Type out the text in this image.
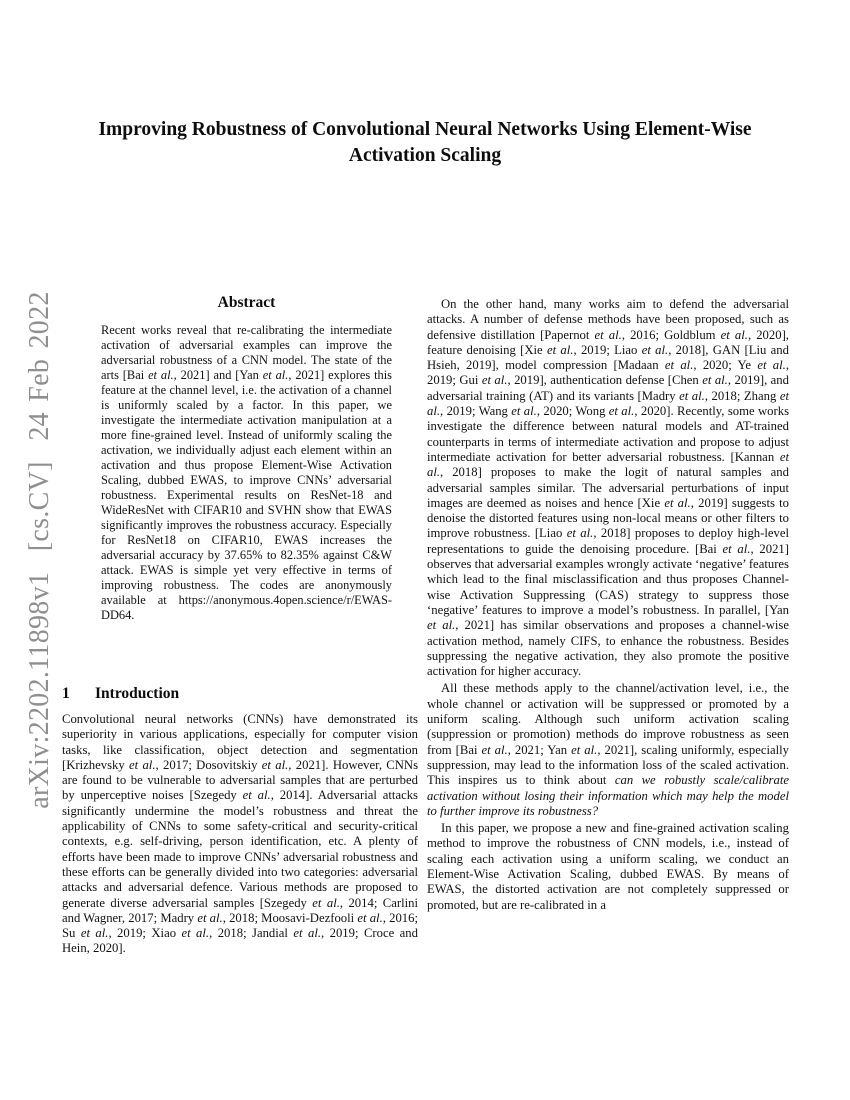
arXiv:2202.11898v1  [cs.CV]  24 Feb 2022
Improving Robustness of Convolutional Neural Networks Using Element-Wise
Activation Scaling
Abstract

Recent works reveal that re-calibrating the intermediate activation of adversarial examples can improve the adversarial robustness of a CNN model. The state of the arts [Bai et al., 2021] and [Yan et al., 2021] explores this feature at the channel level, i.e. the activation of a channel is uniformly scaled by a factor. In this paper, we investigate the intermediate activation manipulation at a more fine-grained level. Instead of uniformly scaling the activation, we individually adjust each element within an activation and thus propose Element-Wise Activation Scaling, dubbed EWAS, to improve CNNs’ adversarial robustness. Experimental results on ResNet-18 and WideResNet with CIFAR10 and SVHN show that EWAS significantly improves the robustness accuracy. Especially for ResNet18 on CIFAR10, EWAS increases the adversarial accuracy by 37.65% to 82.35% against C&W attack. EWAS is simple yet very effective in terms of improving robustness. The codes are anonymously available at https://anonymous.4open.science/r/EWAS-DD64.

1 Introduction

Convolutional neural networks (CNNs) have demonstrated its superiority in various applications, especially for computer vision tasks, like classification, object detection and segmentation [Krizhevsky et al., 2017; Dosovitskiy et al., 2021]. However, CNNs are found to be vulnerable to adversarial samples that are perturbed by unperceptive noises [Szegedy et al., 2014]. Adversarial attacks significantly undermine the model’s robustness and threat the applicability of CNNs to some safety-critical and security-critical contexts, e.g. self-driving, person identification, etc. A plenty of efforts have been made to improve CNNs’ adversarial robustness and these efforts can be generally divided into two categories: adversarial attacks and adversarial defence. Various methods are proposed to generate diverse adversarial samples [Szegedy et al., 2014; Carlini and Wagner, 2017; Madry et al., 2018; Moosavi-Dezfooli et al., 2016; Su et al., 2019; Xiao et al., 2018; Jandial et al., 2019; Croce and Hein, 2020].

On the other hand, many works aim to defend the adversarial attacks. A number of defense methods have been proposed, such as defensive distillation [Papernot et al., 2016; Goldblum et al., 2020], feature denoising [Xie et al., 2019; Liao et al., 2018], GAN [Liu and Hsieh, 2019], model compression [Madaan et al., 2020; Ye et al., 2019; Gui et al., 2019], authentication defense [Chen et al., 2019], and adversarial training (AT) and its variants [Madry et al., 2018; Zhang et al., 2019; Wang et al., 2020; Wong et al., 2020]. Recently, some works investigate the difference between natural models and AT-trained counterparts in terms of intermediate activation and propose to adjust intermediate activation for better adversarial robustness. [Kannan et al., 2018] proposes to make the logit of natural samples and adversarial samples similar. The adversarial perturbations of input images are deemed as noises and hence [Xie et al., 2019] suggests to denoise the distorted features using non-local means or other filters to improve robustness. [Liao et al., 2018] proposes to deploy high-level representations to guide the denoising procedure. [Bai et al., 2021] observes that adversarial examples wrongly activate ‘negative’ features which lead to the final misclassification and thus proposes Channel-wise Activation Suppressing (CAS) strategy to suppress those ‘negative’ features to improve a model’s robustness. In parallel, [Yan et al., 2021] has similar observations and proposes a channel-wise activation method, namely CIFS, to enhance the robustness. Besides suppressing the negative activation, they also promote the positive activation for higher accuracy.

All these methods apply to the channel/activation level, i.e., the whole channel or activation will be suppressed or promoted by a uniform scaling. Although such uniform activation scaling (suppression or promotion) methods do improve robustness as seen from [Bai et al., 2021; Yan et al., 2021], scaling uniformly, especially suppression, may lead to the information loss of the scaled activation. This inspires us to think about can we robustly scale/calibrate activation without losing their information which may help the model to further improve its robustness?

In this paper, we propose a new and fine-grained activation scaling method to improve the robustness of CNN models, i.e., instead of scaling each activation using a uniform scaling, we conduct an Element-Wise Activation Scaling, dubbed EWAS. By means of EWAS, the distorted activation are not completely suppressed or promoted, but are re-calibrated in a
